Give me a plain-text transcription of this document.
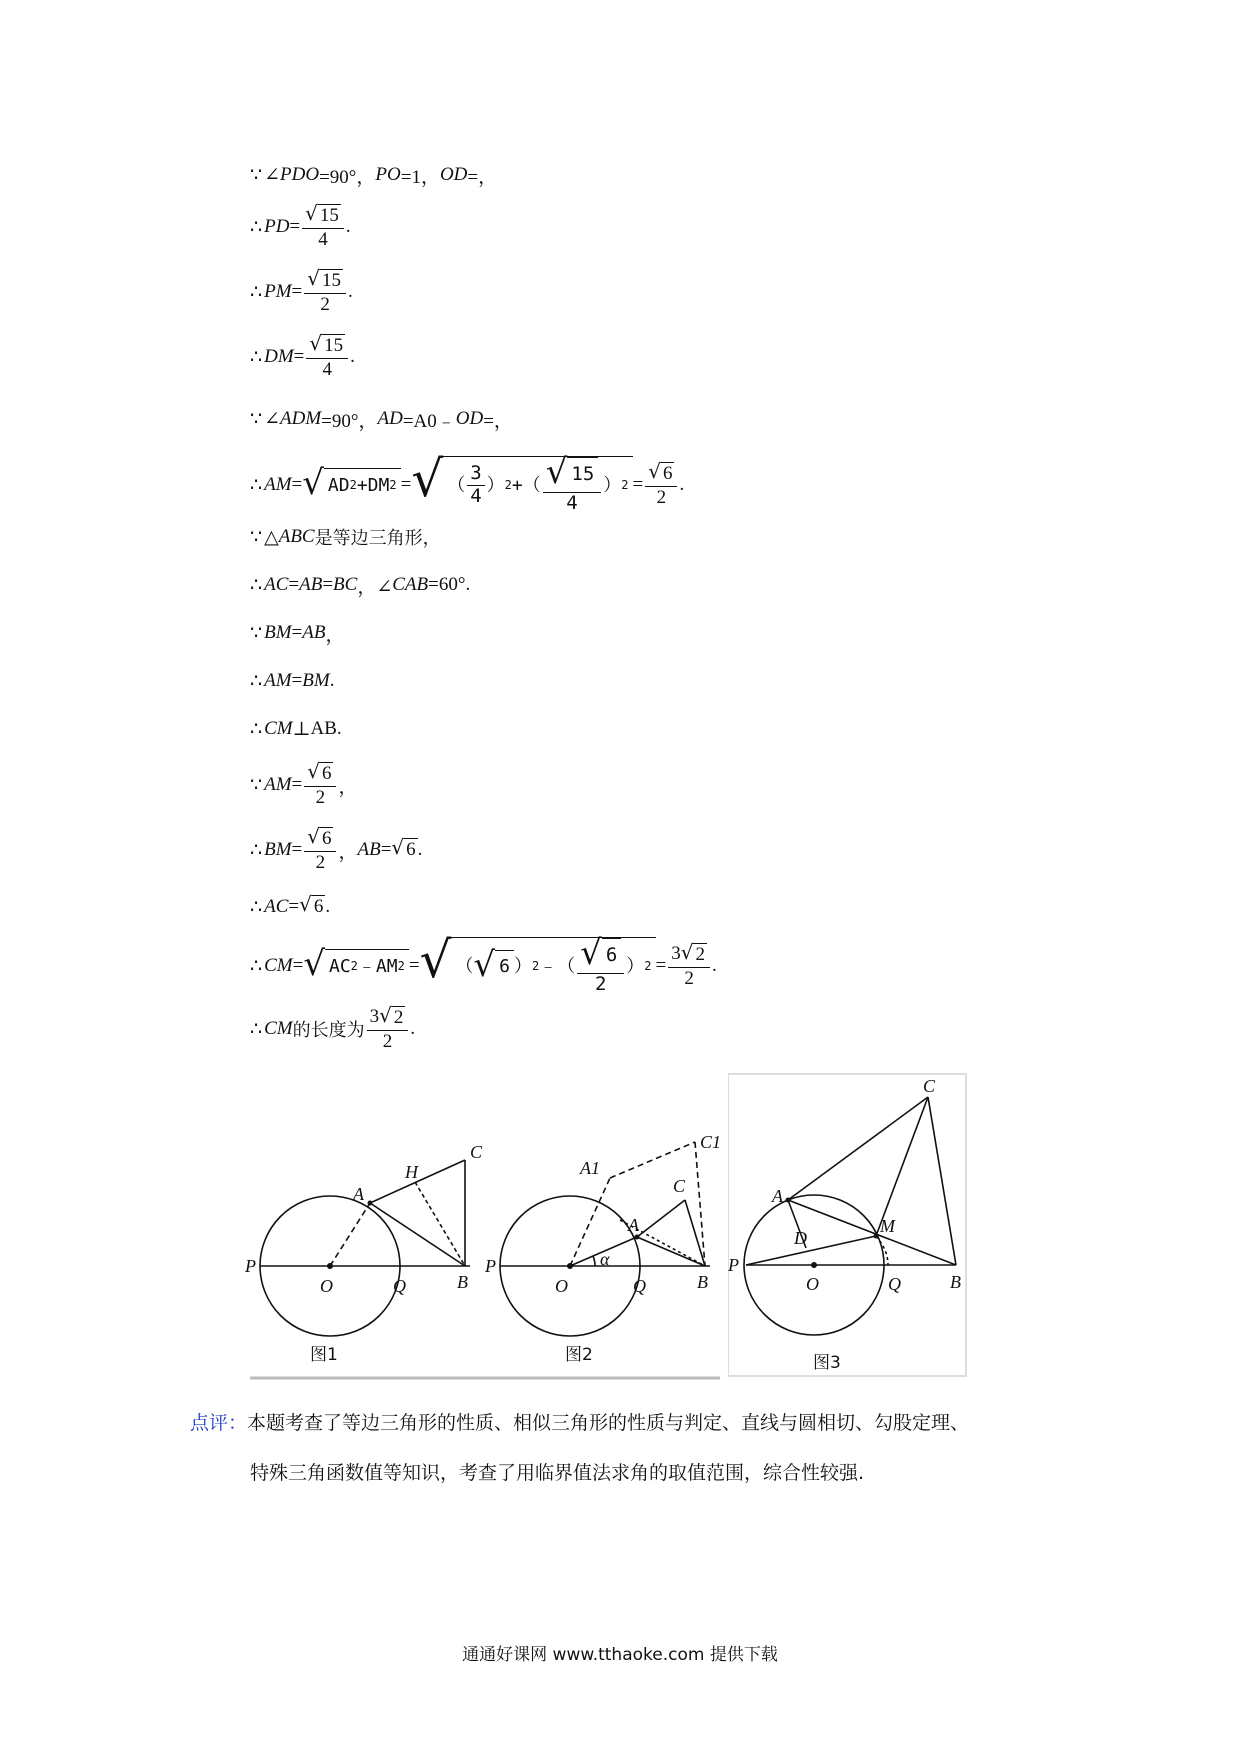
∵ ∠ PDO =90°， PO =1， OD =，
∴ PD = $\frac{√ 15}{4}$ .
∴ PM = $\frac{√ 15}{2}$ .
∴ DM = $\frac{√ 15}{4}$ .
∵ ∠ ADM =90°， AD =A0﹣ OD =，
∴ AM = √ AD 2 +DM 2 = √ （ $\frac{3}{4}$ ） 2 +（ $\frac{√ 15}{4}$ ） $2 = \frac{√ 6}{2}$ .
∵ △ ABC 是等边三角形，
∴ AC = AB = BC ，∠ CAB =60°.
∵ BM = AB ，
∴ AM = BM .
∴ CM ⊥ AB .
∵ AM = $\frac{√ 6}{2}$ ，
∴ BM = $\frac{√ 6}{2}$ ， AB = √ 6 .
∴ AC = √ 6 .
∴ CM = √ AC 2 ﹣AM 2 = √ （ √ 6 ） 2 ﹣（ $\frac{√ 6}{2}$ ） $2 = \frac{3 √ 2}{2}$ .
∴ CM 的长度为 $\frac{3 √ 2}{2}$ .
P
O	Q	B
A
H
C
图1
P
O	Q	B
A
A1
C
C1
α
图2
P
O	Q	B
A
D
M
C
图3
点评：本题考查了等边三角形的性质、相似三角形的性质与判定、直线与圆相切、勾股定理、
特殊三角函数值等知识，考查了用临界值法求角的取值范围，综合性较强.
通通好课网 www.tthaoke.com 提供下载
